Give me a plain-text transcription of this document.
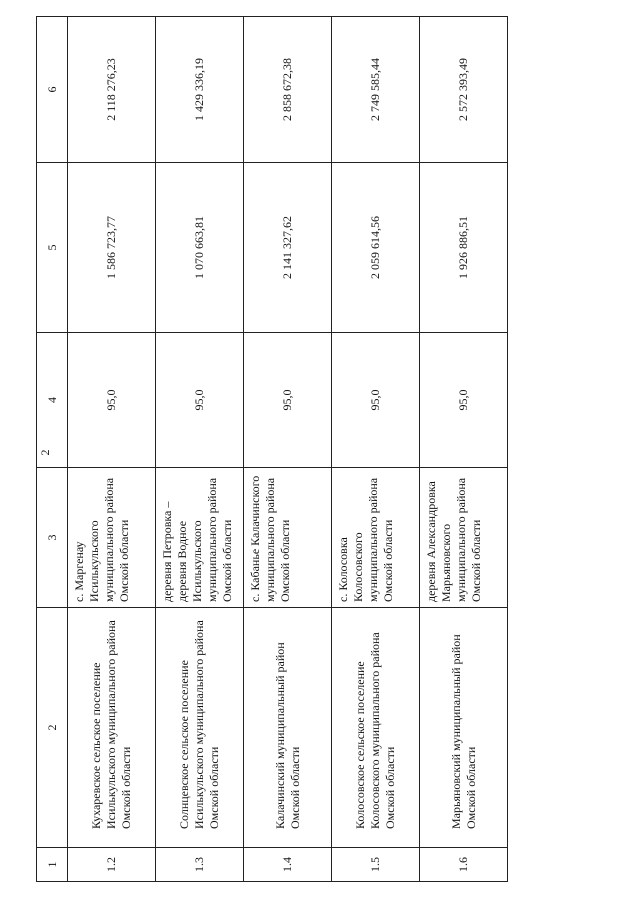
2
1	2	3	4	5	6
1.2	Кухаревское сельское поселение Исилькульского муниципального района Омской области	с. Маргенау Исилькульского муниципального района Омской области	95,0	1 586 723,77	2 118 276,23
1.3	Солнцевское сельское поселение Исилькульского муниципального района Омской области	деревня Петровка – деревня Водное Исилькульского муниципального района Омской области	95,0	1 070 663,81	1 429 336,19
1.4	Калачинский муниципальный район Омской области	с. Кабанье Калачинского муниципального района Омской области	95,0	2 141 327,62	2 858 672,38
1.5	Колосовское сельское поселение Колосовского муниципального района Омской области	с. Колосовка Колосовского муниципального района Омской области	95,0	2 059 614,56	2 749 585,44
1.6	Марьяновский муниципальный район Омской области	деревня Александровка Марьяновского муниципального района Омской области	95,0	1 926 886,51	2 572 393,49
